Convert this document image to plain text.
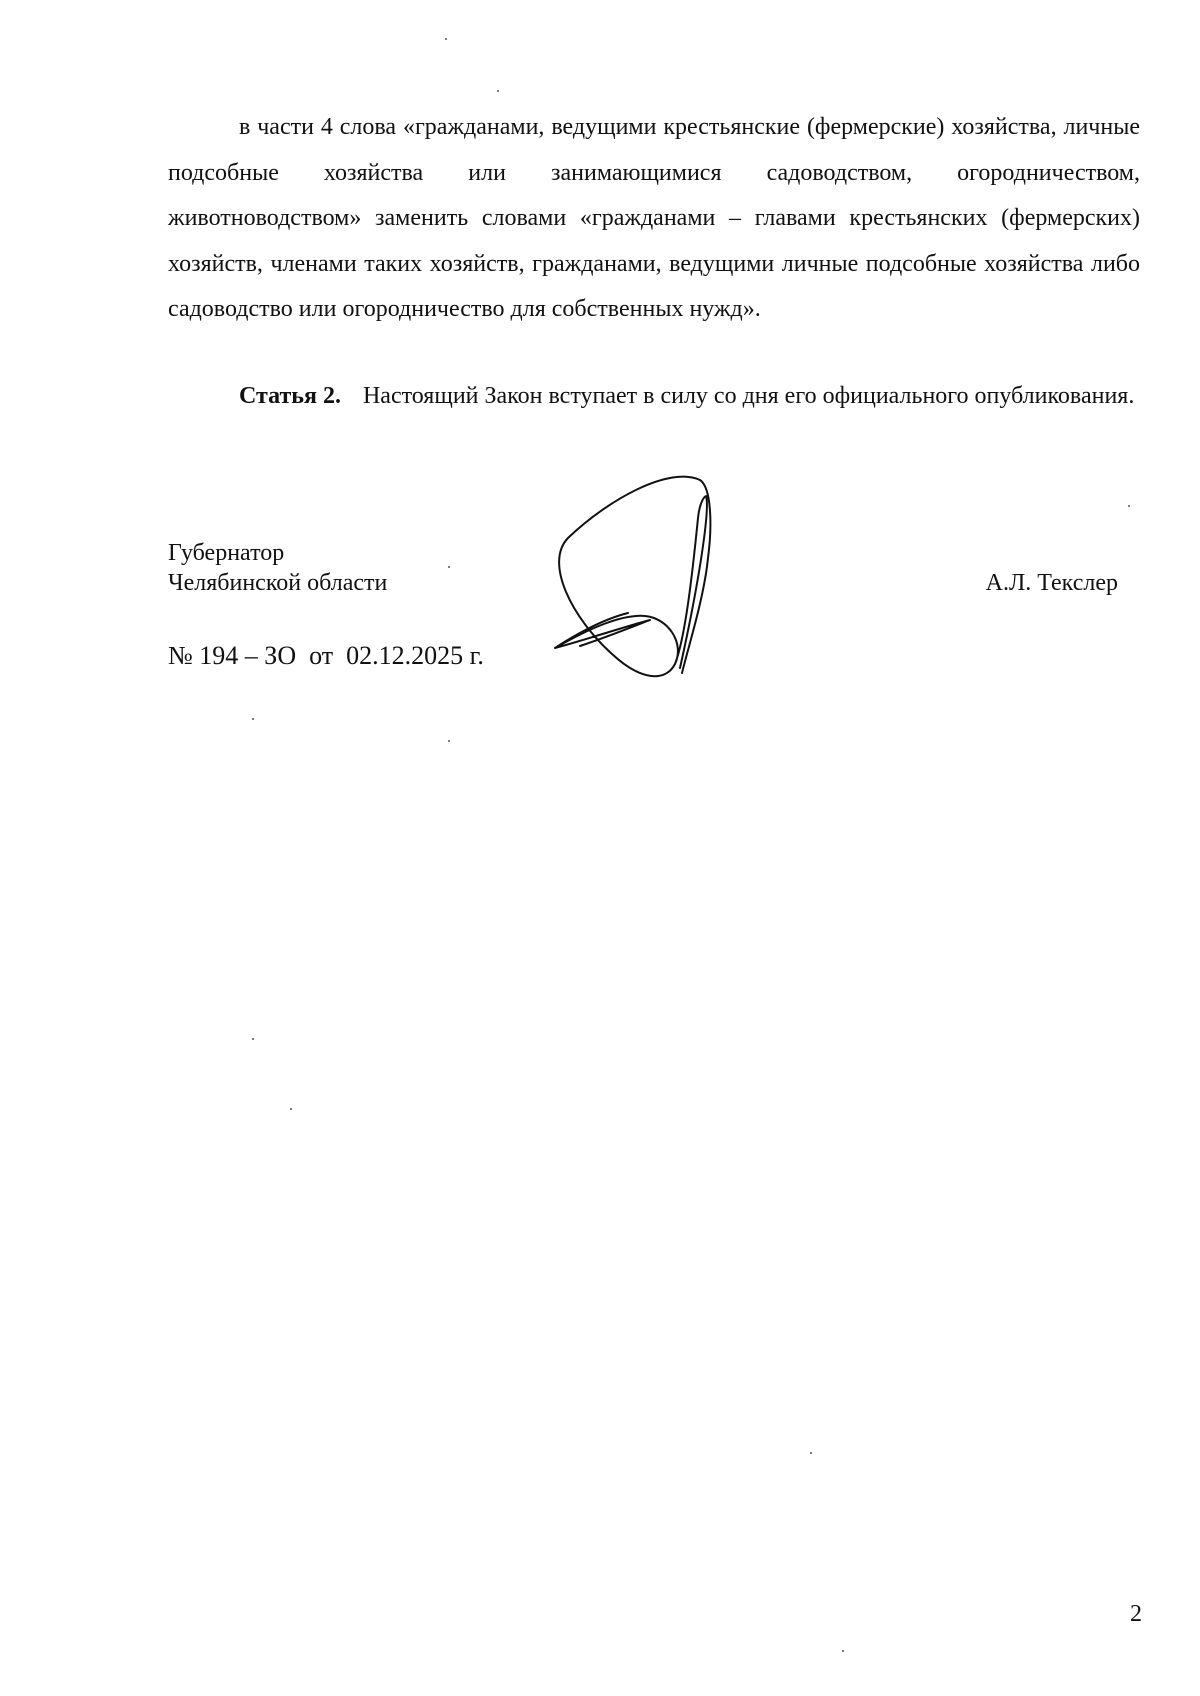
в части 4 слова «гражданами, ведущими крестьянские (фермерские) хозяйства, личные подсобные хозяйства или занимающимися садоводством, огородничеством, животноводством» заменить словами «гражданами – главами крестьянских (фермерских) хозяйств, членами таких хозяйств, гражданами, ведущими личные подсобные хозяйства либо садоводство или огородничество для собственных нужд».

Статья 2. Настоящий Закон вступает в силу со дня его официального опубликования.

Губернатор
Челябинской области	А.Л. Текслер
№ 194 – ЗО  от  02.12.2025 г.
2
